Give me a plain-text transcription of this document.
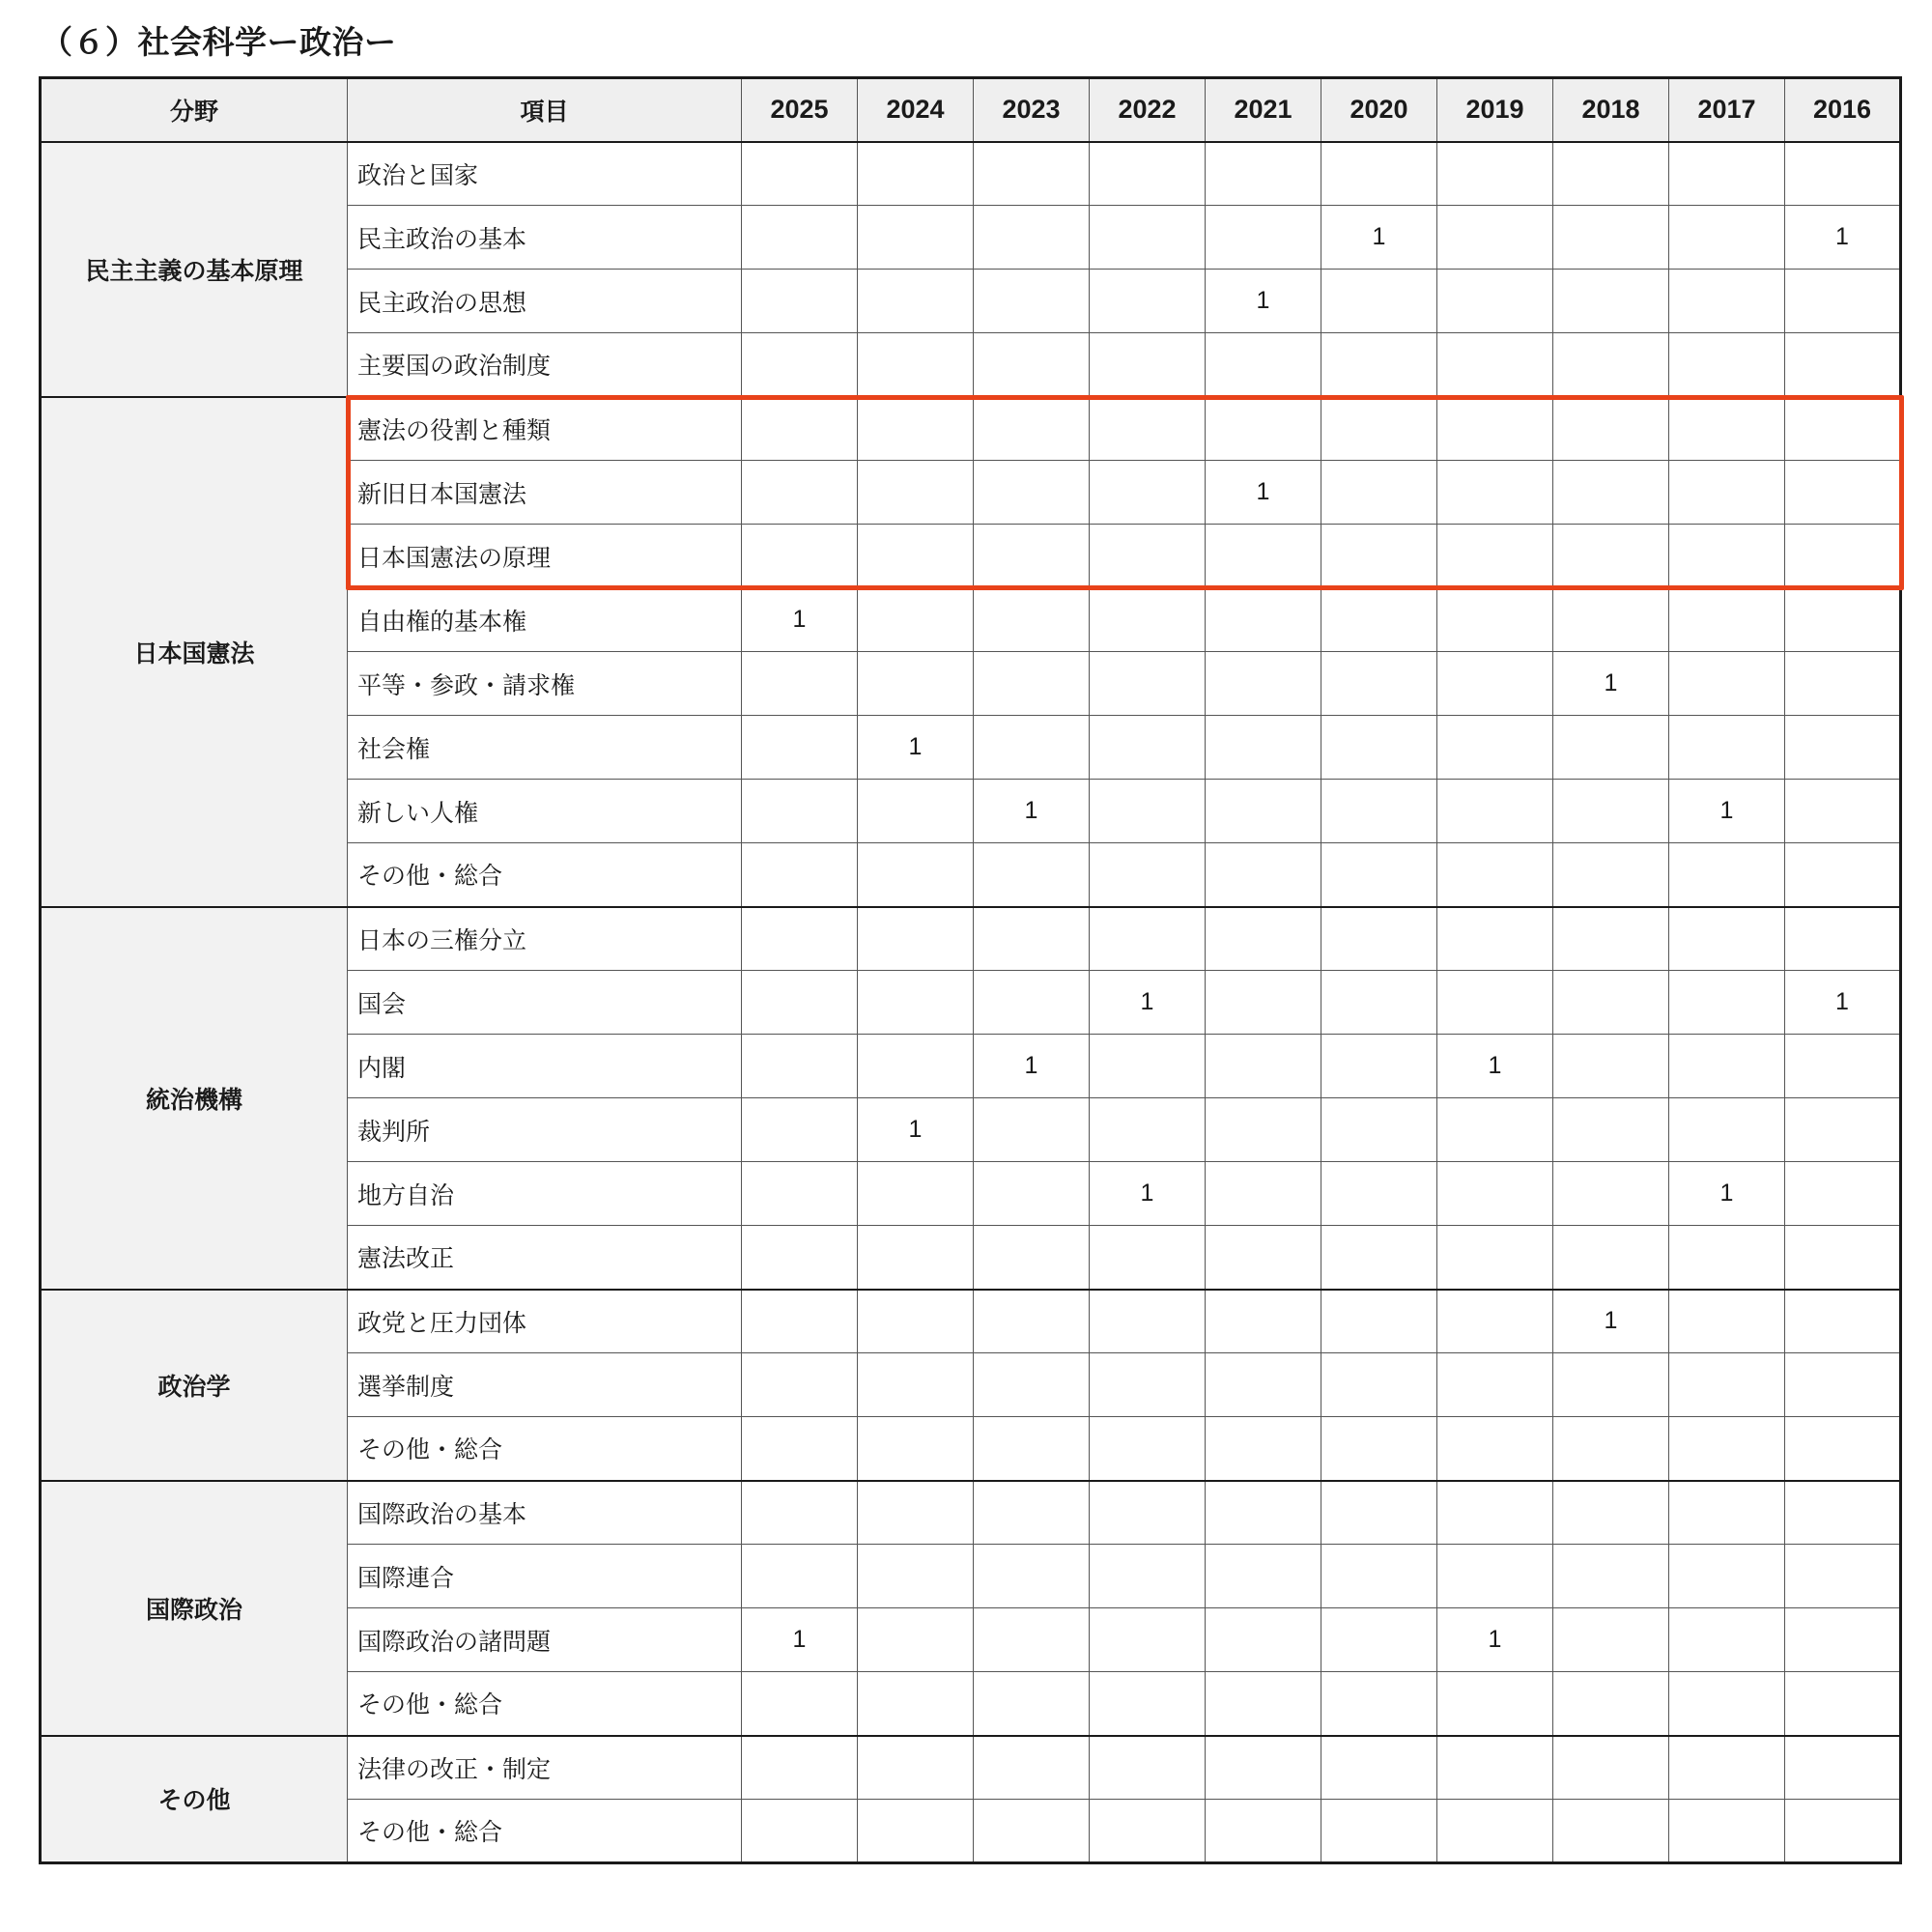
（６）社会科学ー政治ー
分野	項目	2025	2024	2023	2022	2021	2020	2019	2018	2017	2016
民主主義の基本原理	政治と国家										
	民主政治の基本						1				1
	民主政治の思想					1					
	主要国の政治制度										
日本国憲法	憲法の役割と種類										
	新旧日本国憲法					1					
	日本国憲法の原理										
	自由権的基本権	1									
	平等・参政・請求権								1		
	社会権		1								
	新しい人権			1						1	
	その他・総合										
統治機構	日本の三権分立										
	国会				1						1
	内閣			1				1			
	裁判所		1								
	地方自治				1					1	
	憲法改正										
政治学	政党と圧力団体								1		
	選挙制度										
	その他・総合										
国際政治	国際政治の基本										
	国際連合										
	国際政治の諸問題	1						1			
	その他・総合										
その他	法律の改正・制定										
	その他・総合										
